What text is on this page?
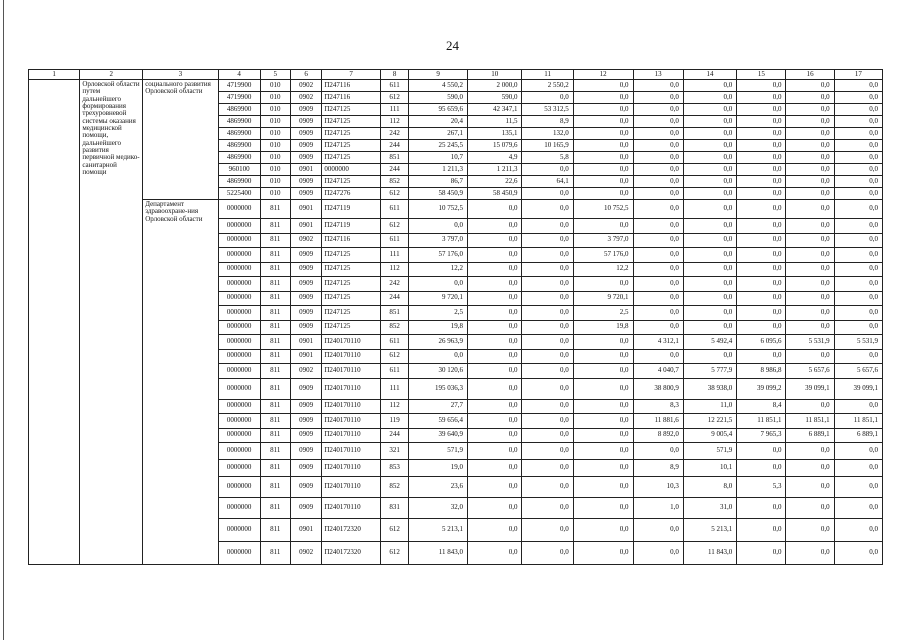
24
1	2	3	4	5	6	7	8	9	10	11	12	13	14	15	16	17
	Орловской области путем дальнейшего формирования трехуровневой системы оказания медицинской помощи, дальнейшего развития первичной медико-санитарной помощи	социального развития Орловской области	4719900	010	0902	П247116	611	4 550,2	2 000,0	2 550,2	0,0	0,0	0,0	0,0	0,0	0,0
			4719900	010	0902	П247116	612	590,0	590,0	0,0	0,0	0,0	0,0	0,0	0,0	0,0
			4869900	010	0909	П247125	111	95 659,6	42 347,1	53 312,5	0,0	0,0	0,0	0,0	0,0	0,0
			4869900	010	0909	П247125	112	20,4	11,5	8,9	0,0	0,0	0,0	0,0	0,0	0,0
			4869900	010	0909	П247125	242	267,1	135,1	132,0	0,0	0,0	0,0	0,0	0,0	0,0
			4869900	010	0909	П247125	244	25 245,5	15 079,6	10 165,9	0,0	0,0	0,0	0,0	0,0	0,0
			4869900	010	0909	П247125	851	10,7	4,9	5,8	0,0	0,0	0,0	0,0	0,0	0,0
			960100	010	0901	0000000	244	1 211,3	1 211,3	0,0	0,0	0,0	0,0	0,0	0,0	0,0
			4869900	010	0909	П247125	852	86,7	22,6	64,1	0,0	0,0	0,0	0,0	0,0	0,0
			5225400	010	0909	П247276	612	58 450,9	58 450,9	0,0	0,0	0,0	0,0	0,0	0,0	0,0
		Департамент здравоохране-ния Орловской области	0000000	811	0901	П247119	611	10 752,5	0,0	0,0	10 752,5	0,0	0,0	0,0	0,0	0,0
			0000000	811	0901	П247119	612	0,0	0,0	0,0	0,0	0,0	0,0	0,0	0,0	0,0
			0000000	811	0902	П247116	611	3 797,0	0,0	0,0	3 797,0	0,0	0,0	0,0	0,0	0,0
			0000000	811	0909	П247125	111	57 176,0	0,0	0,0	57 176,0	0,0	0,0	0,0	0,0	0,0
			0000000	811	0909	П247125	112	12,2	0,0	0,0	12,2	0,0	0,0	0,0	0,0	0,0
			0000000	811	0909	П247125	242	0,0	0,0	0,0	0,0	0,0	0,0	0,0	0,0	0,0
			0000000	811	0909	П247125	244	9 720,1	0,0	0,0	9 720,1	0,0	0,0	0,0	0,0	0,0
			0000000	811	0909	П247125	851	2,5	0,0	0,0	2,5	0,0	0,0	0,0	0,0	0,0
			0000000	811	0909	П247125	852	19,8	0,0	0,0	19,8	0,0	0,0	0,0	0,0	0,0
			0000000	811	0901	П240170110	611	26 963,9	0,0	0,0	0,0	4 312,1	5 492,4	6 095,6	5 531,9	5 531,9
			0000000	811	0901	П240170110	612	0,0	0,0	0,0	0,0	0,0	0,0	0,0	0,0	0,0
			0000000	811	0902	П240170110	611	30 120,6	0,0	0,0	0,0	4 040,7	5 777,9	8 986,8	5 657,6	5 657,6
			0000000	811	0909	П240170110	111	195 036,3	0,0	0,0	0,0	38 800,9	38 938,0	39 099,2	39 099,1	39 099,1
			0000000	811	0909	П240170110	112	27,7	0,0	0,0	0,0	8,3	11,0	8,4	0,0	0,0
			0000000	811	0909	П240170110	119	59 656,4	0,0	0,0	0,0	11 881,6	12 221,5	11 851,1	11 851,1	11 851,1
			0000000	811	0909	П240170110	244	39 640,9	0,0	0,0	0,0	8 892,0	9 005,4	7 965,3	6 889,1	6 889,1
			0000000	811	0909	П240170110	321	571,9	0,0	0,0	0,0	0,0	571,9	0,0	0,0	0,0
			0000000	811	0909	П240170110	853	19,0	0,0	0,0	0,0	8,9	10,1	0,0	0,0	0,0
			0000000	811	0909	П240170110	852	23,6	0,0	0,0	0,0	10,3	8,0	5,3	0,0	0,0
			0000000	811	0909	П240170110	831	32,0	0,0	0,0	0,0	1,0	31,0	0,0	0,0	0,0
			0000000	811	0901	П240172320	612	5 213,1	0,0	0,0	0,0	0,0	5 213,1	0,0	0,0	0,0
			0000000	811	0902	П240172320	612	11 843,0	0,0	0,0	0,0	0,0	11 843,0	0,0	0,0	0,0
